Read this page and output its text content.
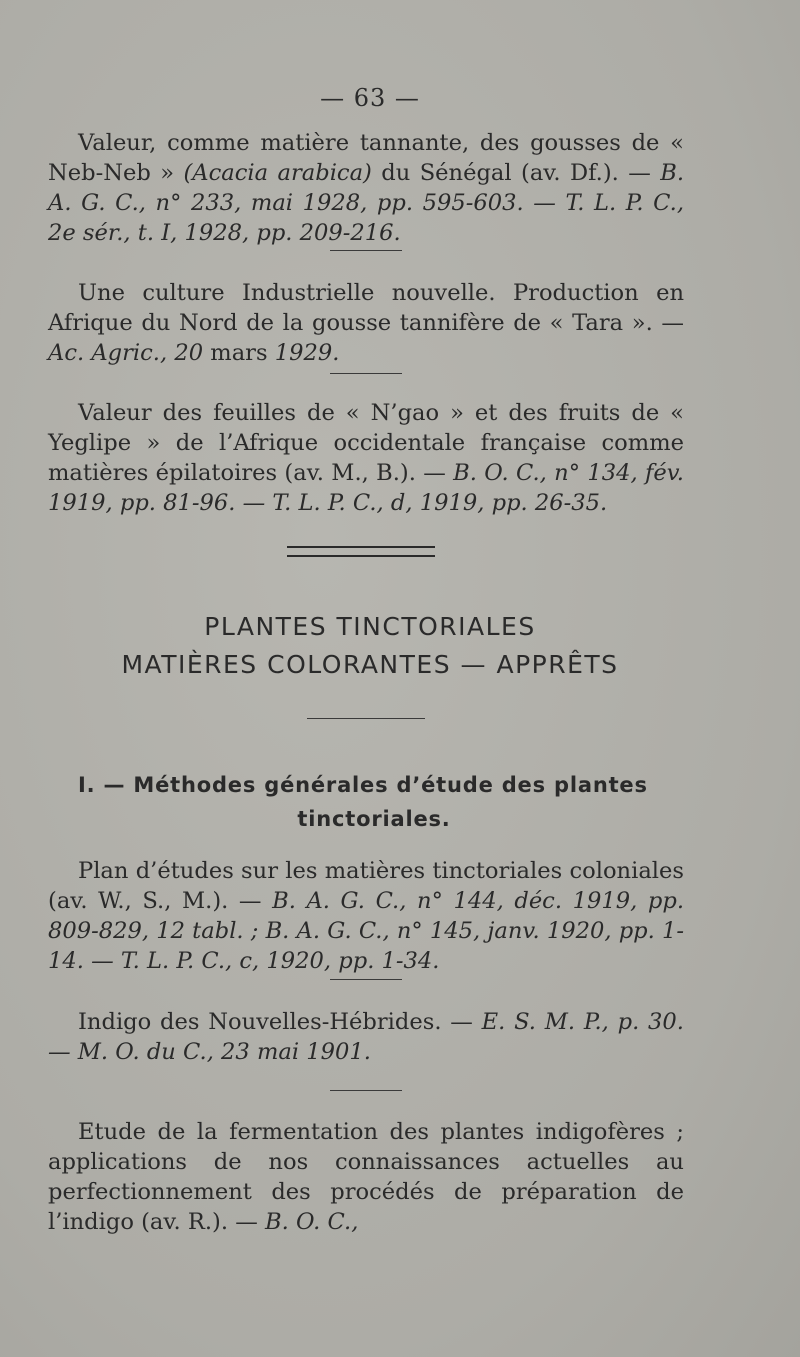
— 63 —

Valeur, comme matière tannante, des gousses de « Neb-Neb » (Acacia arabica) du Sénégal (av. Df.). — B. A. G. C., n° 233, mai 1928, pp. 595-603. — T. L. P. C., 2e sér., t. I, 1928, pp. 209-216.

Une culture Industrielle nouvelle. Production en Afrique du Nord de la gousse tannifère de « Tara ». — Ac. Agric., 20 mars 1929.

Valeur des feuilles de « N’gao » et des fruits de « Yeglipe » de l’Afrique occidentale française comme matières épilatoires (av. M., B.). — B. O. C., n° 134, fév. 1919, pp. 81-96. — T. L. P. C., d, 1919, pp. 26-35.

PLANTES TINCTORIALES
MATIÈRES COLORANTES — APPRÊTS
I. — Méthodes générales d’étude des plantes
tinctoriales.

Plan d’études sur les matières tinctoriales coloniales (av. W., S., M.). — B. A. G. C., n° 144, déc. 1919, pp. 809-829, 12 tabl. ; B. A. G. C., n° 145, janv. 1920, pp. 1-14. — T. L. P. C., c, 1920, pp. 1-34.

Indigo des Nouvelles-Hébrides. — E. S. M. P., p. 30. — M. O. du C., 23 mai 1901.

Etude de la fermentation des plantes indigofères ; applications de nos connaissances actuelles au perfectionnement des procédés de préparation de l’indigo (av. R.). — B. O. C.,
